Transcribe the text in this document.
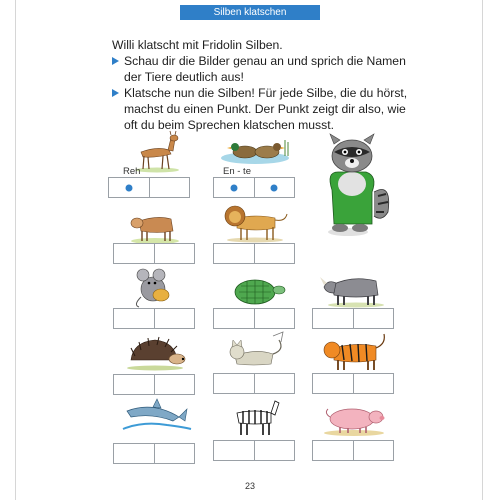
Silben klatschen

Willi klatscht mit Fridolin Silben.

Schau dir die Bilder genau an und sprich die Namen der Tiere deutlich aus!

Klatsche nun die Silben! Für jede Silbe, die du hörst, machst du einen Punkt. Der Punkt zeigt dir also, wie oft du beim Sprechen klatschen musst.

Reh	En - te
23
